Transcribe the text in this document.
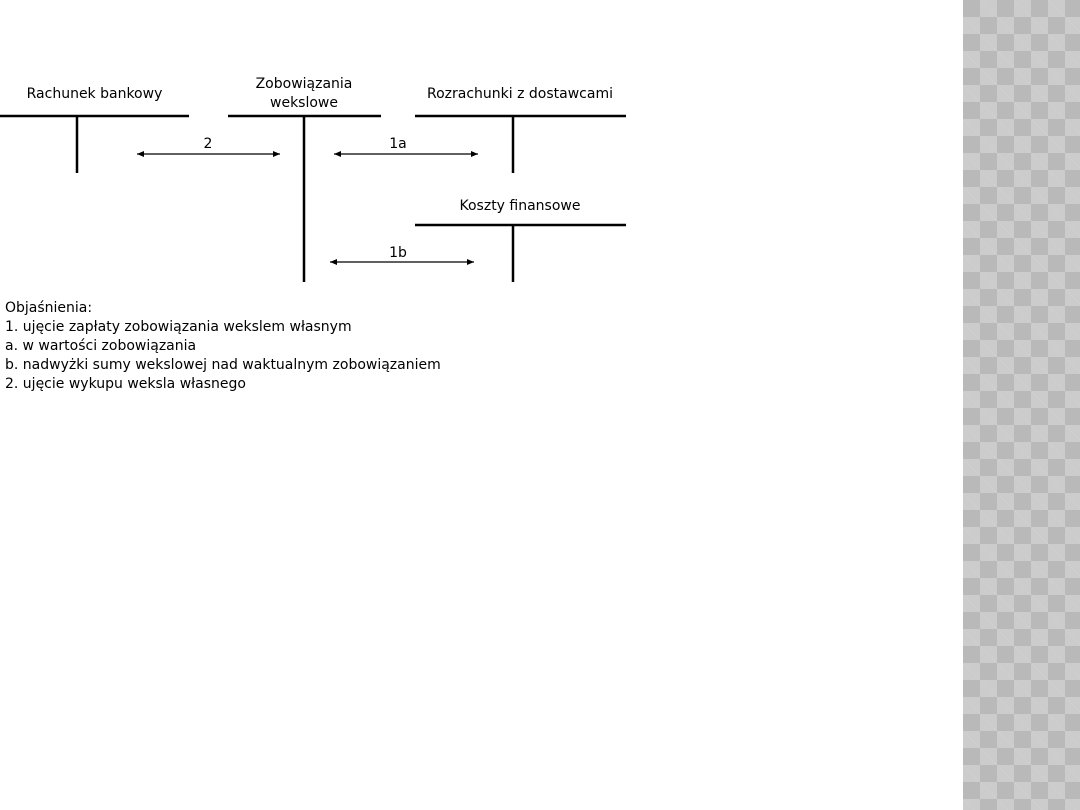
Rachunek bankowy
Zobowiązania
wekslowe
Rozrachunki z dostawcami
Koszty finansowe
2	1a
1b
Objaśnienia:
1. ujęcie zapłaty zobowiązania wekslem własnym
a. w wartości zobowiązania
b. nadwyżki sumy wekslowej nad waktualnym zobowiązaniem
2. ujęcie wykupu weksla własnego
